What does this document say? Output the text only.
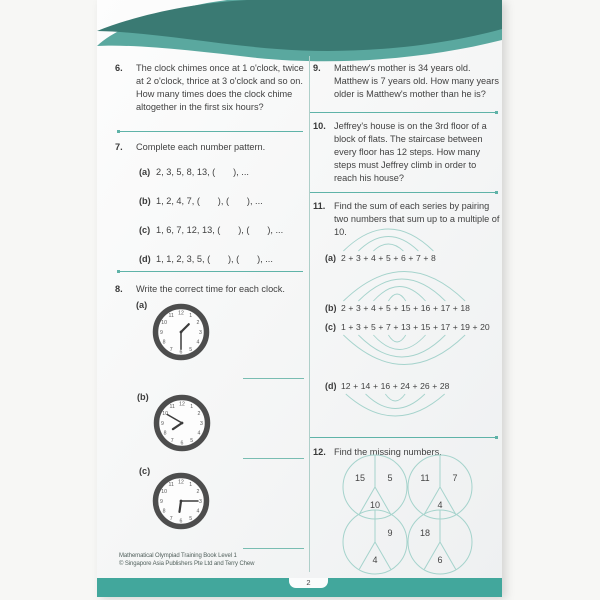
6.	The clock chimes once at 1 o'clock, twice at 2 o'clock, thrice at 3 o'clock and so on. How many times does the clock chime altogether in the first six hours?
7.	Complete each number pattern.
(a) 2, 3, 5, 8, 13, (       ), ...
(b) 1, 2, 4, 7, (       ), (       ), ...
(c) 1, 6, 7, 12, 13, (       ), (       ), ...
(d) 1, 1, 2, 3, 5, (       ), (       ), ...
8.	Write the correct time for each clock.
(a)
1
2
3
4
5
6
7
8
9
10
11 12
(b)
1
2
3
4
5
6
7
8
9
10
11 12
(c)
1
2
3
4
5
6
7
8
9
10
11 12
9.	Matthew's mother is 34 years old. Matthew is 7 years old. How many years older is Matthew's mother than he is?
10. Jeffrey's house is on the 3rd floor of a block of flats. The staircase between every floor has 12 steps. How many steps must Jeffrey climb in order to reach his house?
11. Find the sum of each series by pairing two numbers that sum up to a multiple of 10.
(a) 2 + 3 + 4 + 5 + 6 + 7 + 8
(b) 2 + 3 + 4 + 5 + 15 + 16 + 17 + 18
(c) 1 + 3 + 5 + 7 + 13 + 15 + 17 + 19 + 20
(d) 12 + 14 + 16 + 24 + 26 + 28
12. Find the missing numbers.
15 5
10
11	7
4
9
4
18
6
Mathematical Olympiad Training Book Level 1
© Singapore Asia Publishers Pte Ltd and Terry Chew
2
